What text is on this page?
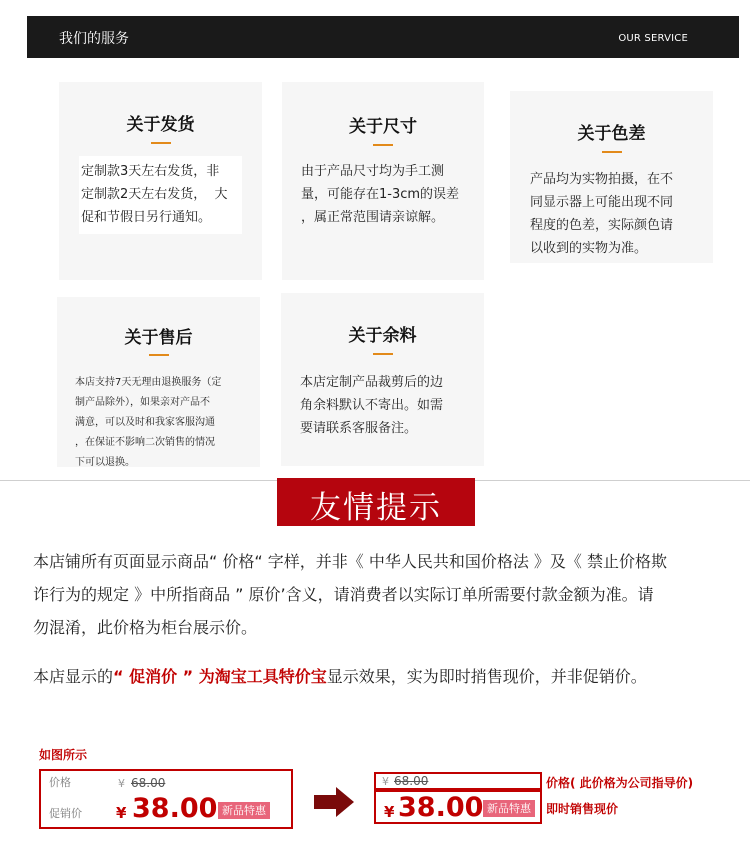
我们的服务	OUR SERVICE
关于发货
定制款3天左右发货，非
定制款2天左右发货，  大
促和节假日另行通知。
关于尺寸
由于产品尺寸均为手工测
量，可能存在1-3cm的误差
，属正常范围请亲谅解。
关于色差
产品均为实物拍摄，在不
同显示器上可能出现不同
程度的色差，实际颜色请
以收到的实物为准。
关于售后
本店支持7天无理由退换服务（定
制产品除外），如果亲对产品不
满意，可以及时和我家客服沟通
，在保证不影响二次销售的情况
下可以退换。
关于余料
本店定制产品裁剪后的边
角余料默认不寄出。如需
要请联系客服备注。
友情提示
本店铺所有页面显示商品“ 价格“ 字样，并非《 中华人民共和国价格法 》及《 禁止价格欺
诈行为的规定 》中所指商品 ” 原价’含义，请消费者以实际订单所需要付款金额为准。请
勿混淆，此价格为柜台展示价。
本店显示的“ 促消价 ” 为淘宝工具特价宝显示效果，实为即时捎售现价，并非促销价。
如图所示
价格	¥ 68.00
促销价 ¥ 38.00 新品特惠
¥ 68.00
¥ 38.00 新品特惠
价格( 此价格为公司指导价)
即时销售现价
